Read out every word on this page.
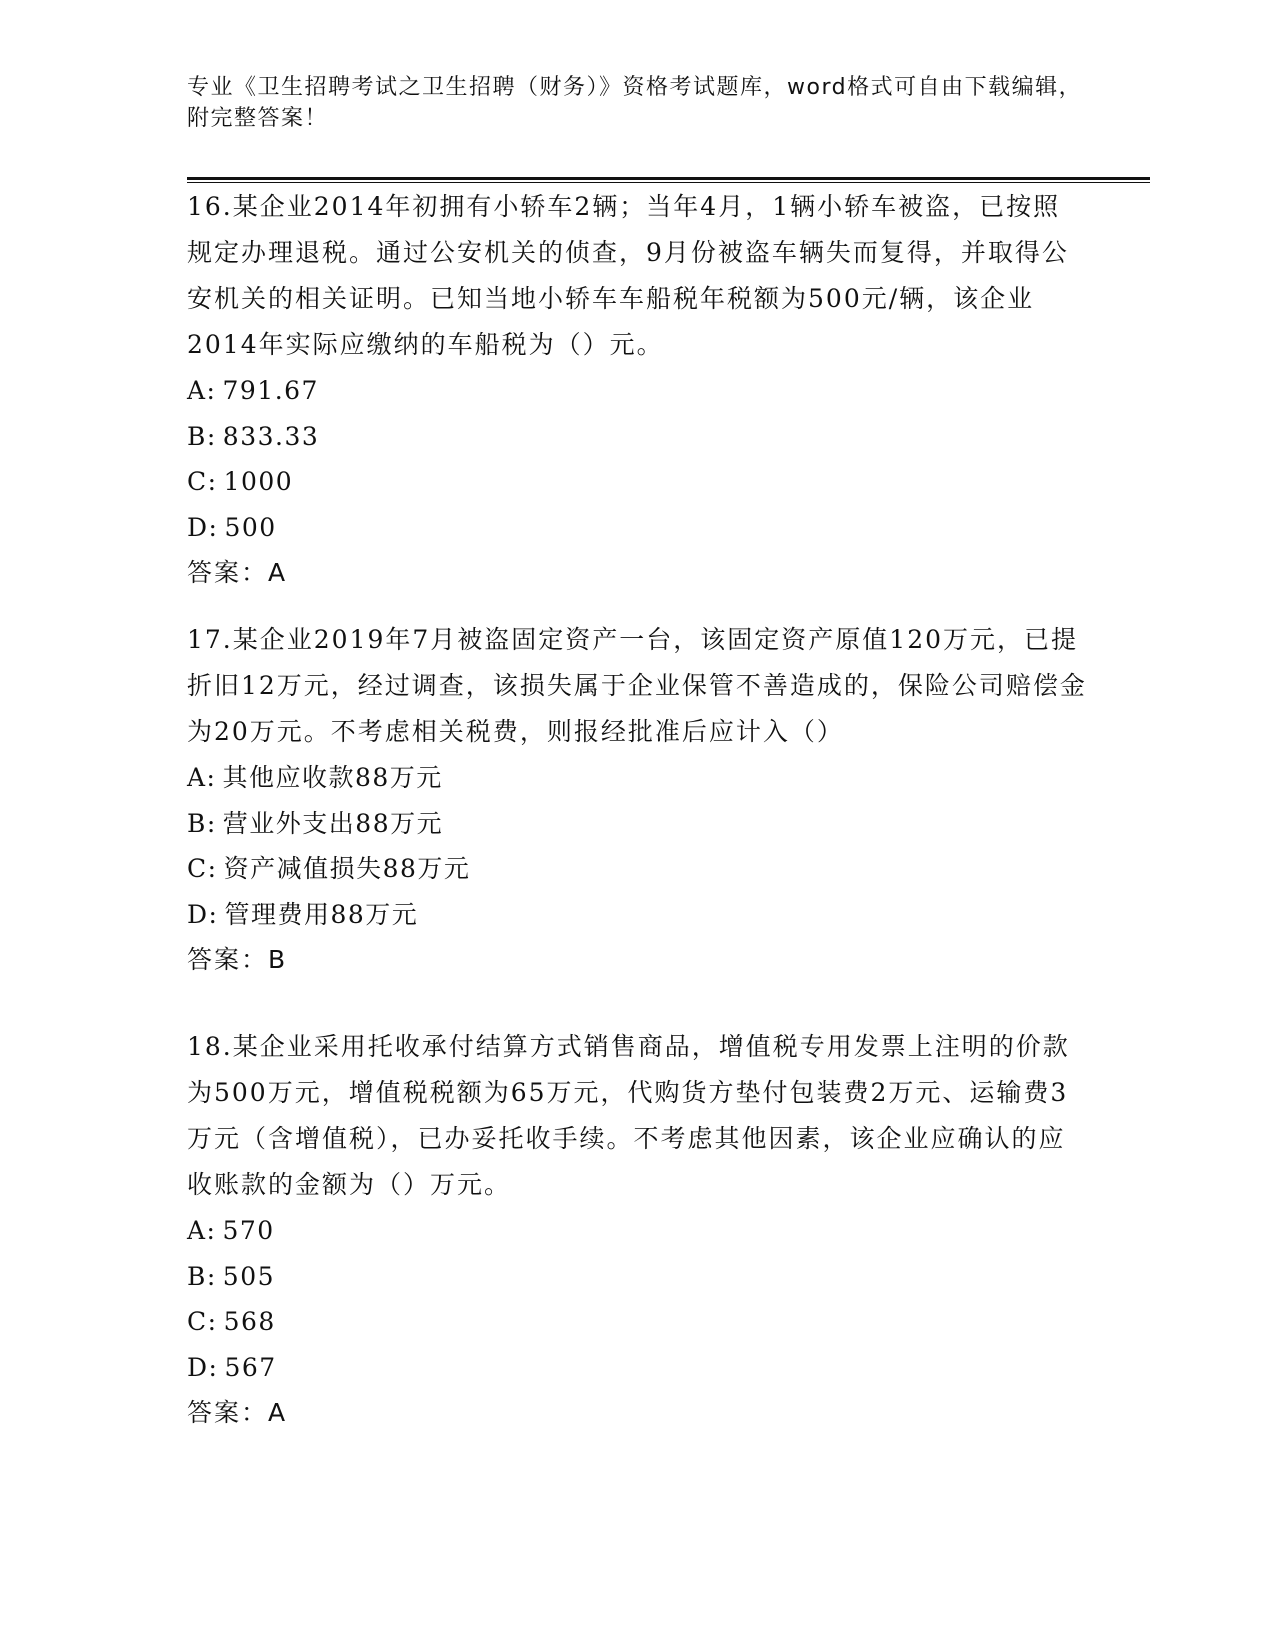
专业《卫生招聘考试之卫生招聘（财务）》资格考试题库，word格式可自由下载编辑，附完整答案！

16.某企业2014年初拥有小轿车2辆；当年4月，1辆小轿车被盗，已按照规定办理退税。通过公安机关的侦查，9月份被盗车辆失而复得，并取得公安机关的相关证明。已知当地小轿车车船税年税额为500元/辆，该企业2014年实际应缴纳的车船税为（）元。

A: 791.67
B: 833.33
C: 1000
D: 500
答案：A

17.某企业2019年7月被盗固定资产一台，该固定资产原值120万元，已提折旧12万元，经过调查，该损失属于企业保管不善造成的，保险公司赔偿金为20万元。不考虑相关税费，则报经批准后应计入（）

A: 其他应收款88万元
B: 营业外支出88万元
C: 资产减值损失88万元
D: 管理费用88万元
答案：B

18.某企业采用托收承付结算方式销售商品，增值税专用发票上注明的价款为500万元，增值税税额为65万元，代购货方垫付包装费2万元、运输费3万元（含增值税），已办妥托收手续。不考虑其他因素，该企业应确认的应收账款的金额为（）万元。

A: 570
B: 505
C: 568
D: 567
答案：A
